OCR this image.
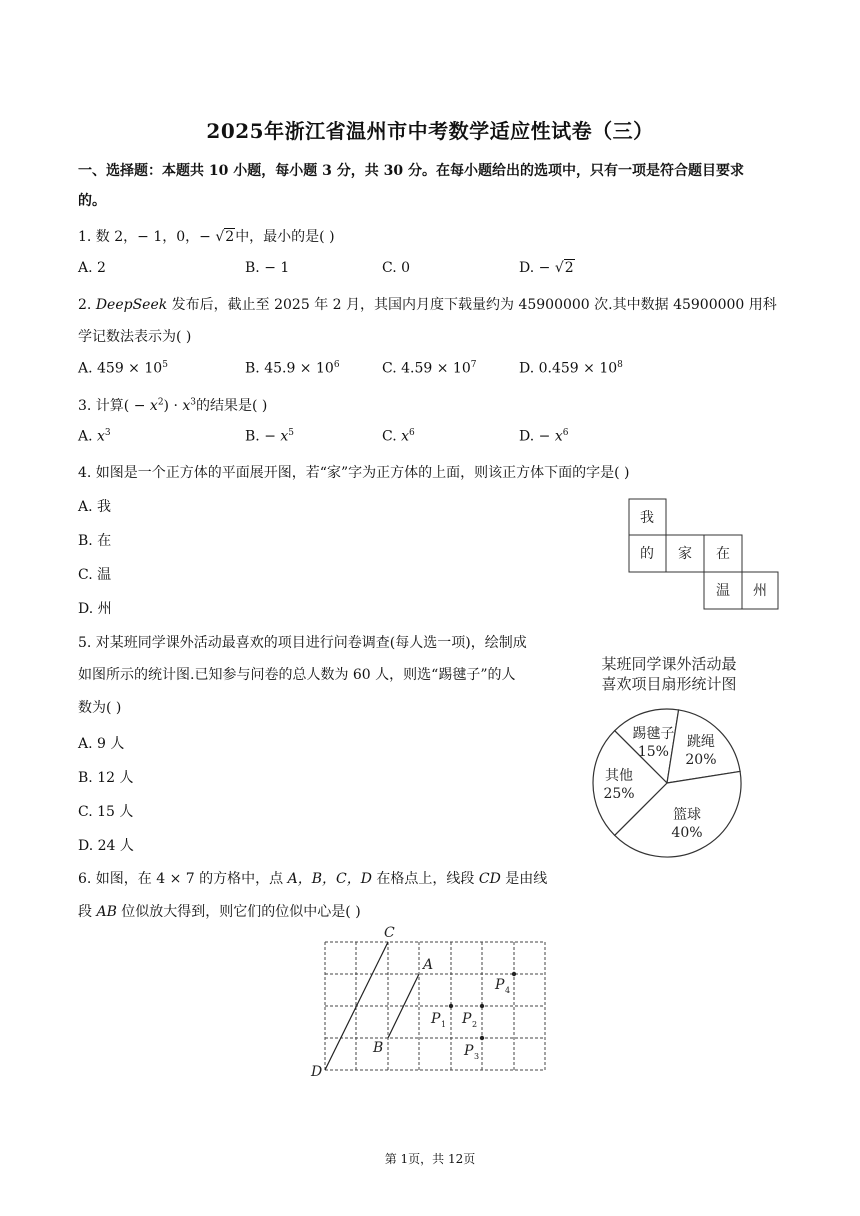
2025年浙江省温州市中考数学适应性试卷（三）
一、选择题：本题共 10 小题，每小题 3 分，共 30 分。在每小题给出的选项中，只有一项是符合题目要求
的。
1. 数 2，− 1，0，− √2中，最小的是( )
A. 2	B. − 1	C. 0	D. − √2
2. DeepSeek 发布后，截止至 2025 年 2 月，其国内月度下载量约为 45900000 次.其中数据 45900000 用科
学记数法表示为( )
A. $459 \times 10^5$	B. $45.9 \times 10^6$	C. $4.59 \times 10^7$	D. $0.459 \times 10^8$
3. 计算( − $x^2) \cdot x^3$的结果是( )
A. $x^3$	B. − $x^5$	C. $x^6$	D. − $x^6$
4. 如图是一个正方体的平面展开图，若“家”字为正方体的上面，则该正方体下面的字是( )
A. 我
B. 在
C. 温
D. 州
我
的 家 在
温 州
5. 对某班同学课外活动最喜欢的项目进行问卷调查(每人选一项)，绘制成
如图所示的统计图.已知参与问卷的总人数为 60 人，则选“踢毽子”的人
数为( )
A. 9 人
B. 12 人
C. 15 人
D. 24 人
某班同学课外活动最
喜欢项目扇形统计图
踢毽子
15%
跳绳
20%
篮球
40%
其他
25%
6. 如图，在 4 × 7 的方格中，点 A，B，C，D 在格点上，线段 CD 是由线
段 AB 位似放大得到，则它们的位似中心是( )
C
A
B
D
P P
P
P
1	2
3
4
第 1页，共 12页
